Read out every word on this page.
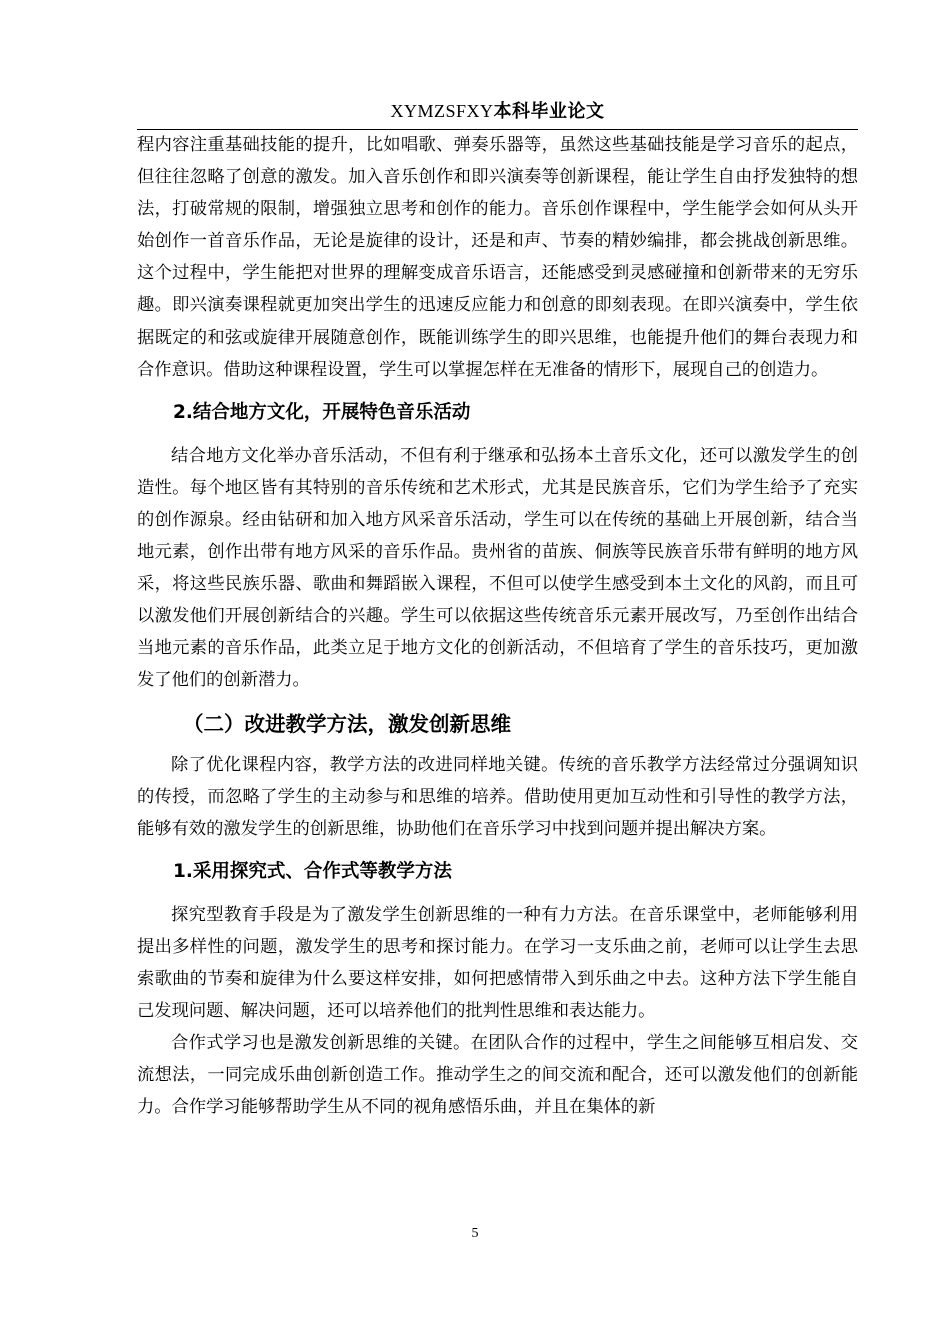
XYMZSFXY本科毕业论文

程内容注重基础技能的提升，比如唱歌、弹奏乐器等，虽然这些基础技能是学习音乐的起点，但往往忽略了创意的激发。加入音乐创作和即兴演奏等创新课程，能让学生自由抒发独特的想法，打破常规的限制，增强独立思考和创作的能力。音乐创作课程中，学生能学会如何从头开始创作一首音乐作品，无论是旋律的设计，还是和声、节奏的精妙编排，都会挑战创新思维。这个过程中，学生能把对世界的理解变成音乐语言，还能感受到灵感碰撞和创新带来的无穷乐趣。即兴演奏课程就更加突出学生的迅速反应能力和创意的即刻表现。在即兴演奏中，学生依据既定的和弦或旋律开展随意创作，既能训练学生的即兴思维，也能提升他们的舞台表现力和合作意识。借助这种课程设置，学生可以掌握怎样在无准备的情形下，展现自己的创造力。

2.结合地方文化，开展特色音乐活动

结合地方文化举办音乐活动，不但有利于继承和弘扬本土音乐文化，还可以激发学生的创造性。每个地区皆有其特别的音乐传统和艺术形式，尤其是民族音乐，它们为学生给予了充实的创作源泉。经由钻研和加入地方风采音乐活动，学生可以在传统的基础上开展创新，结合当地元素，创作出带有地方风采的音乐作品。贵州省的苗族、侗族等民族音乐带有鲜明的地方风采，将这些民族乐器、歌曲和舞蹈嵌入课程，不但可以使学生感受到本土文化的风韵，而且可以激发他们开展创新结合的兴趣。学生可以依据这些传统音乐元素开展改写，乃至创作出结合当地元素的音乐作品，此类立足于地方文化的创新活动，不但培育了学生的音乐技巧，更加激发了他们的创新潜力。

（二）改进教学方法，激发创新思维

除了优化课程内容，教学方法的改进同样地关键。传统的音乐教学方法经常过分强调知识的传授，而忽略了学生的主动参与和思维的培养。借助使用更加互动性和引导性的教学方法，能够有效的激发学生的创新思维，协助他们在音乐学习中找到问题并提出解决方案。

1.采用探究式、合作式等教学方法

探究型教育手段是为了激发学生创新思维的一种有力方法。在音乐课堂中，老师能够利用提出多样性的问题，激发学生的思考和探讨能力。在学习一支乐曲之前，老师可以让学生去思索歌曲的节奏和旋律为什么要这样安排，如何把感情带入到乐曲之中去。这种方法下学生能自己发现问题、解决问题，还可以培养他们的批判性思维和表达能力。

合作式学习也是激发创新思维的关键。在团队合作的过程中，学生之间能够互相启发、交流想法，一同完成乐曲创新创造工作。推动学生之的间交流和配合，还可以激发他们的创新能力。合作学习能够帮助学生从不同的视角感悟乐曲，并且在集体的新

5
